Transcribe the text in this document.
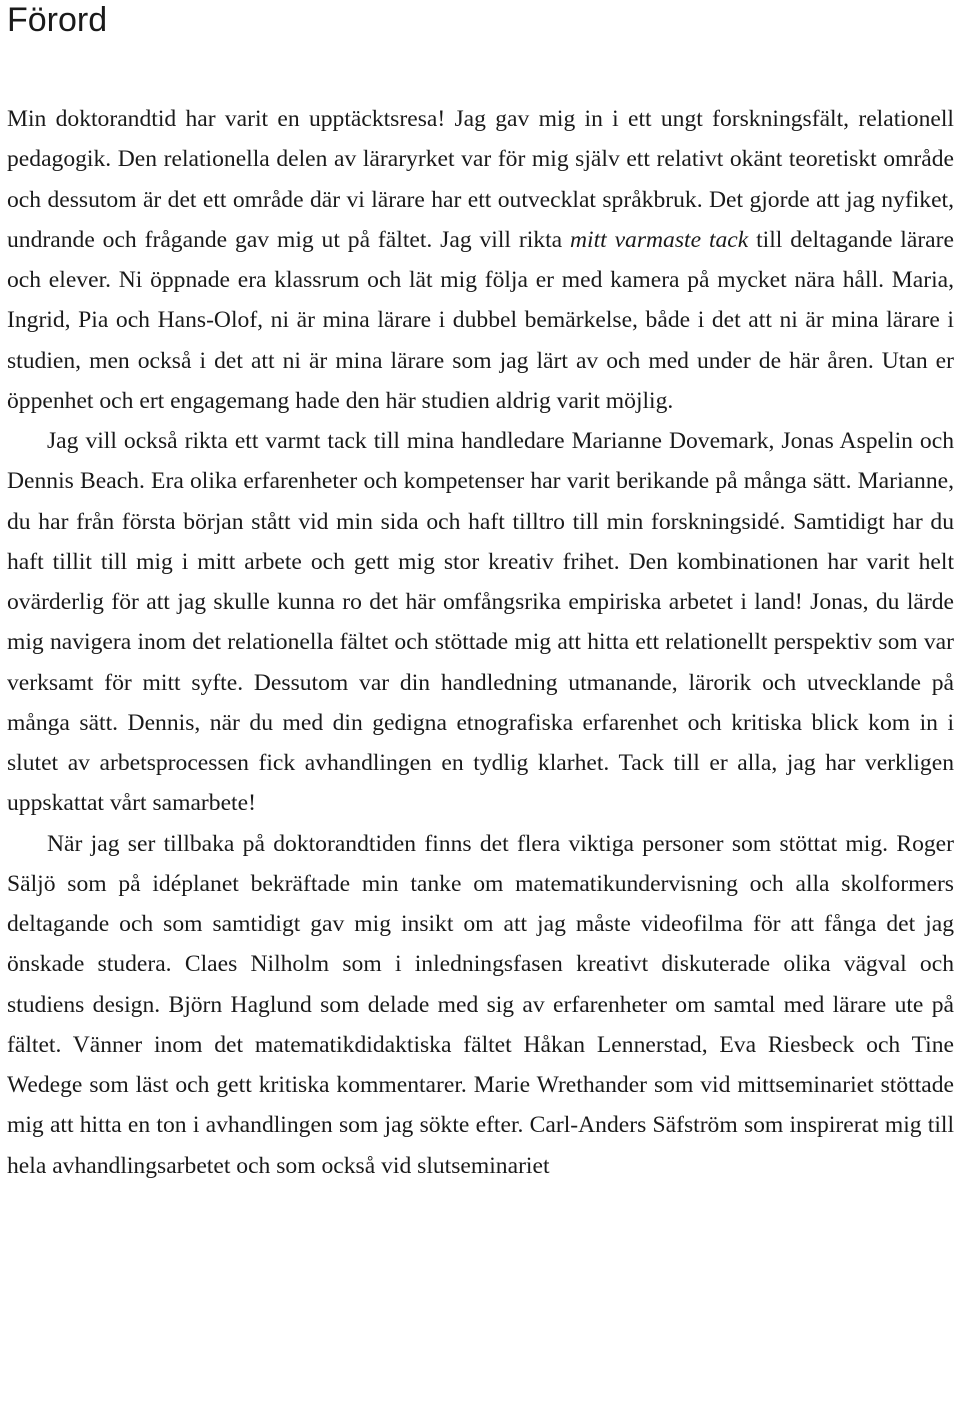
Förord

Min doktorandtid har varit en upptäcktsresa! Jag gav mig in i ett ungt forskningsfält, relationell pedagogik. Den relationella delen av läraryrket var för mig själv ett relativt okänt teoretiskt område och dessutom är det ett område där vi lärare har ett outvecklat språkbruk. Det gjorde att jag nyfiket, undrande och frågande gav mig ut på fältet. Jag vill rikta mitt varmaste tack till deltagande lärare och elever. Ni öppnade era klassrum och lät mig följa er med kamera på mycket nära håll. Maria, Ingrid, Pia och Hans-Olof, ni är mina lärare i dubbel bemärkelse, både i det att ni är mina lärare i studien, men också i det att ni är mina lärare som jag lärt av och med under de här åren. Utan er öppenhet och ert engagemang hade den här studien aldrig varit möjlig.

Jag vill också rikta ett varmt tack till mina handledare Marianne Dovemark, Jonas Aspelin och Dennis Beach. Era olika erfarenheter och kompetenser har varit berikande på många sätt. Marianne, du har från första början stått vid min sida och haft tilltro till min forskningsidé. Samtidigt har du haft tillit till mig i mitt arbete och gett mig stor kreativ frihet. Den kombinationen har varit helt ovärderlig för att jag skulle kunna ro det här omfångsrika empiriska arbetet i land! Jonas, du lärde mig navigera inom det relationella fältet och stöttade mig att hitta ett relationellt perspektiv som var verksamt för mitt syfte. Dessutom var din handledning utmanande, lärorik och utvecklande på många sätt. Dennis, när du med din gedigna etnografiska erfarenhet och kritiska blick kom in i slutet av arbetsprocessen fick avhandlingen en tydlig klarhet. Tack till er alla, jag har verkligen uppskattat vårt samarbete!

När jag ser tillbaka på doktorandtiden finns det flera viktiga personer som stöttat mig. Roger Säljö som på idéplanet bekräftade min tanke om matematikundervisning och alla skolformers deltagande och som samtidigt gav mig insikt om att jag måste videofilma för att fånga det jag önskade studera. Claes Nilholm som i inledningsfasen kreativt diskuterade olika vägval och studiens design. Björn Haglund som delade med sig av erfarenheter om samtal med lärare ute på fältet. Vänner inom det matematikdidaktiska fältet Håkan Lennerstad, Eva Riesbeck och Tine Wedege som läst och gett kritiska kommentarer. Marie Wrethander som vid mittseminariet stöttade mig att hitta en ton i avhandlingen som jag sökte efter. Carl-Anders Säfström som inspirerat mig till hela avhandlingsarbetet och som också vid slutseminariet
